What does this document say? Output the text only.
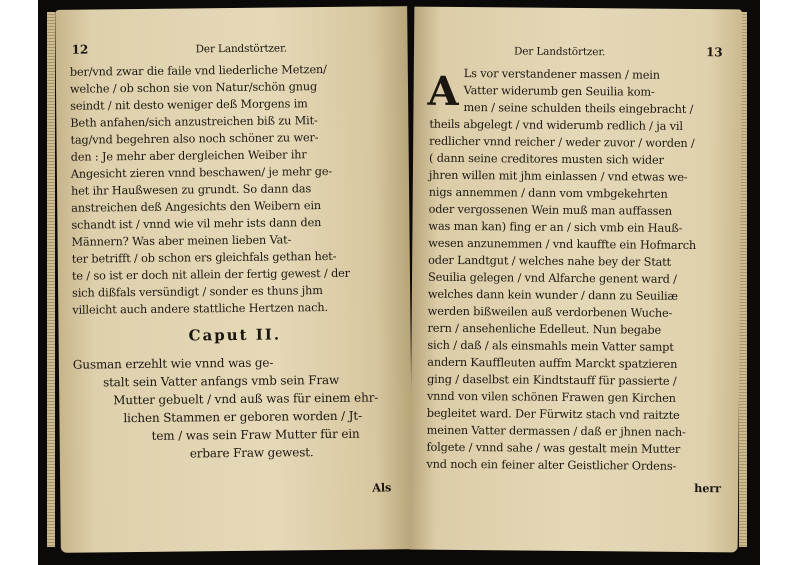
12	Der Landstörtzer.
ber/vnd zwar die faile vnd liederliche Metzen/
welche / ob schon sie von Natur/schön gnug
seindt / nit desto weniger deß Morgens im
Beth anfahen/sich anzustreichen biß zu Mit-
tag/vnd begehren also noch schöner zu wer-
den : Je mehr aber dergleichen Weiber ihr
Angesicht zieren vnnd beschawen/ je mehr ge-
het ihr Haußwesen zu grundt. So dann das
anstreichen deß Angesichts den Weibern ein
schandt ist / vnnd wie vil mehr ists dann den
Männern? Was aber meinen lieben Vat-
ter betrifft / ob schon ers gleichfals gethan het-
te / so ist er doch nit allein der fertig gewest / der
sich dißfals versündigt / sonder es thuns jhm
villeicht auch andere stattliche Hertzen nach.
Caput II.
Gusman erzehlt wie vnnd was ge-
stalt sein Vatter anfangs vmb sein Fraw
Mutter gebuelt / vnd auß was für einem ehr-
lichen Stammen er geboren worden / Jt-
tem / was sein Fraw Mutter für ein
erbare Fraw gewest.
Als
Der Landstörtzer.	13
A Ls vor verstandener massen / mein
Vatter widerumb gen Seuilia kom-
men / seine schulden theils eingebracht /
theils abgelegt / vnd widerumb redlich / ja vil
redlicher vnnd reicher / weder zuvor / worden /
( dann seine creditores musten sich wider
jhren willen mit jhm einlassen / vnd etwas we-
nigs annemmen / dann vom vmbgekehrten
oder vergossenen Wein muß man auffassen
was man kan) fing er an / sich vmb ein Hauß-
wesen anzunemmen / vnd kauffte ein Hofmarch
oder Landtgut / welches nahe bey der Statt
Seuilia gelegen / vnd Alfarche genent ward /
welches dann kein wunder / dann zu Seuiliæ
werden bißweilen auß verdorbenen Wuche-
rern / ansehenliche Edelleut. Nun begabe
sich / daß / als einsmahls mein Vatter sampt
andern Kauffleuten auffm Marckt spatzieren
ging / daselbst ein Kindtstauff für passierte /
vnnd von vilen schönen Frawen gen Kirchen
begleitet ward. Der Fürwitz stach vnd raitzte
meinen Vatter dermassen / daß er jhnen nach-
folgete / vnnd sahe / was gestalt mein Mutter
vnd noch ein feiner alter Geistlicher Ordens-
herr
